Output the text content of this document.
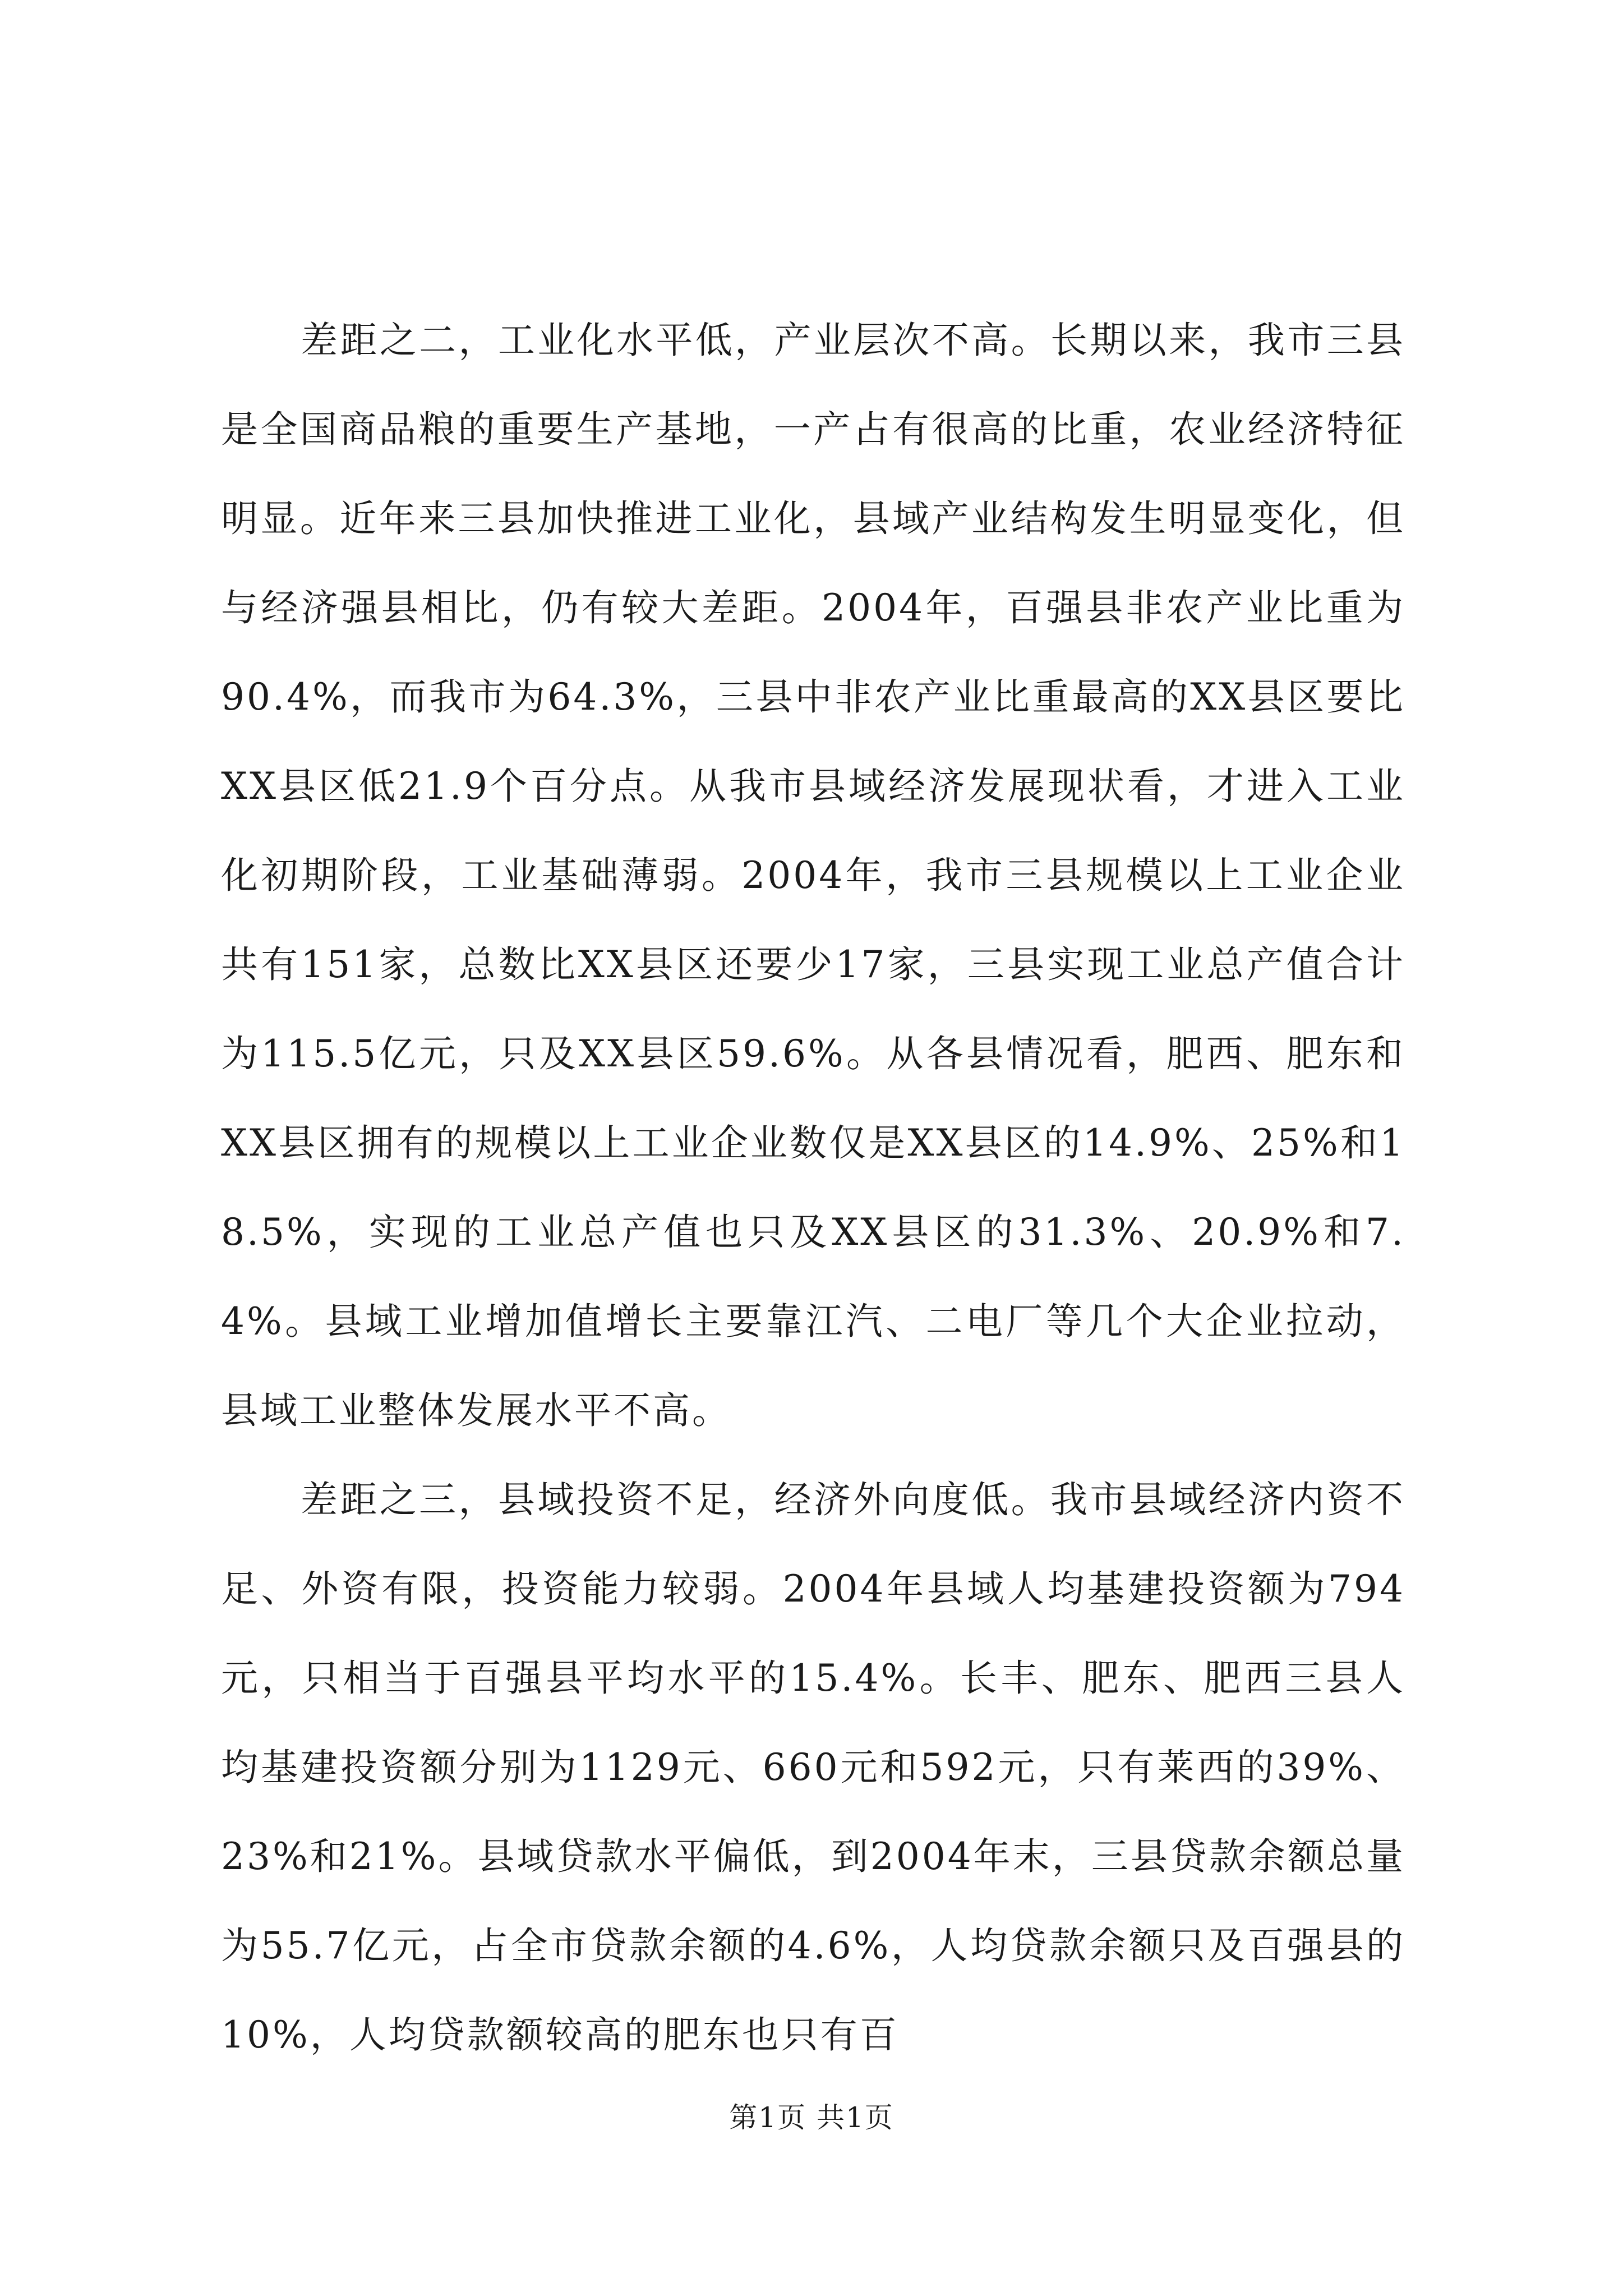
差距之二，工业化水平低，产业层次不高。长期以来，我市三县是全国商品粮的重要生产基地，一产占有很高的比重，农业经济特征明显。近年来三县加快推进工业化，县域产业结构发生明显变化，但与经济强县相比，仍有较大差距。2004年，百强县非农产业比重为90.4%，而我市为64.3%，三县中非农产业比重最高的XX县区要比XX县区低21.9个百分点。从我市县域经济发展现状看，才进入工业化初期阶段，工业基础薄弱。2004年，我市三县规模以上工业企业共有151家，总数比XX县区还要少17家，三县实现工业总产值合计为115.5亿元，只及XX县区59.6%。从各县情况看，肥西、肥东和XX县区拥有的规模以上工业企业数仅是XX县区的14.9%、25%和18.5%，实现的工业总产值也只及XX县区的31.3%、20.9%和7.4%。县域工业增加值增长主要靠江汽、二电厂等几个大企业拉动，县域工业整体发展水平不高。

差距之三，县域投资不足，经济外向度低。我市县域经济内资不足、外资有限，投资能力较弱。2004年县域人均基建投资额为794元，只相当于百强县平均水平的15.4%。长丰、肥东、肥西三县人均基建投资额分别为1129元、660元和592元，只有莱西的39%、23%和21%。县域贷款水平偏低，到2004年末，三县贷款余额总量为55.7亿元，占全市贷款余额的4.6%，人均贷款余额只及百强县的10%，人均贷款额较高的肥东也只有百

第1页 共1页
